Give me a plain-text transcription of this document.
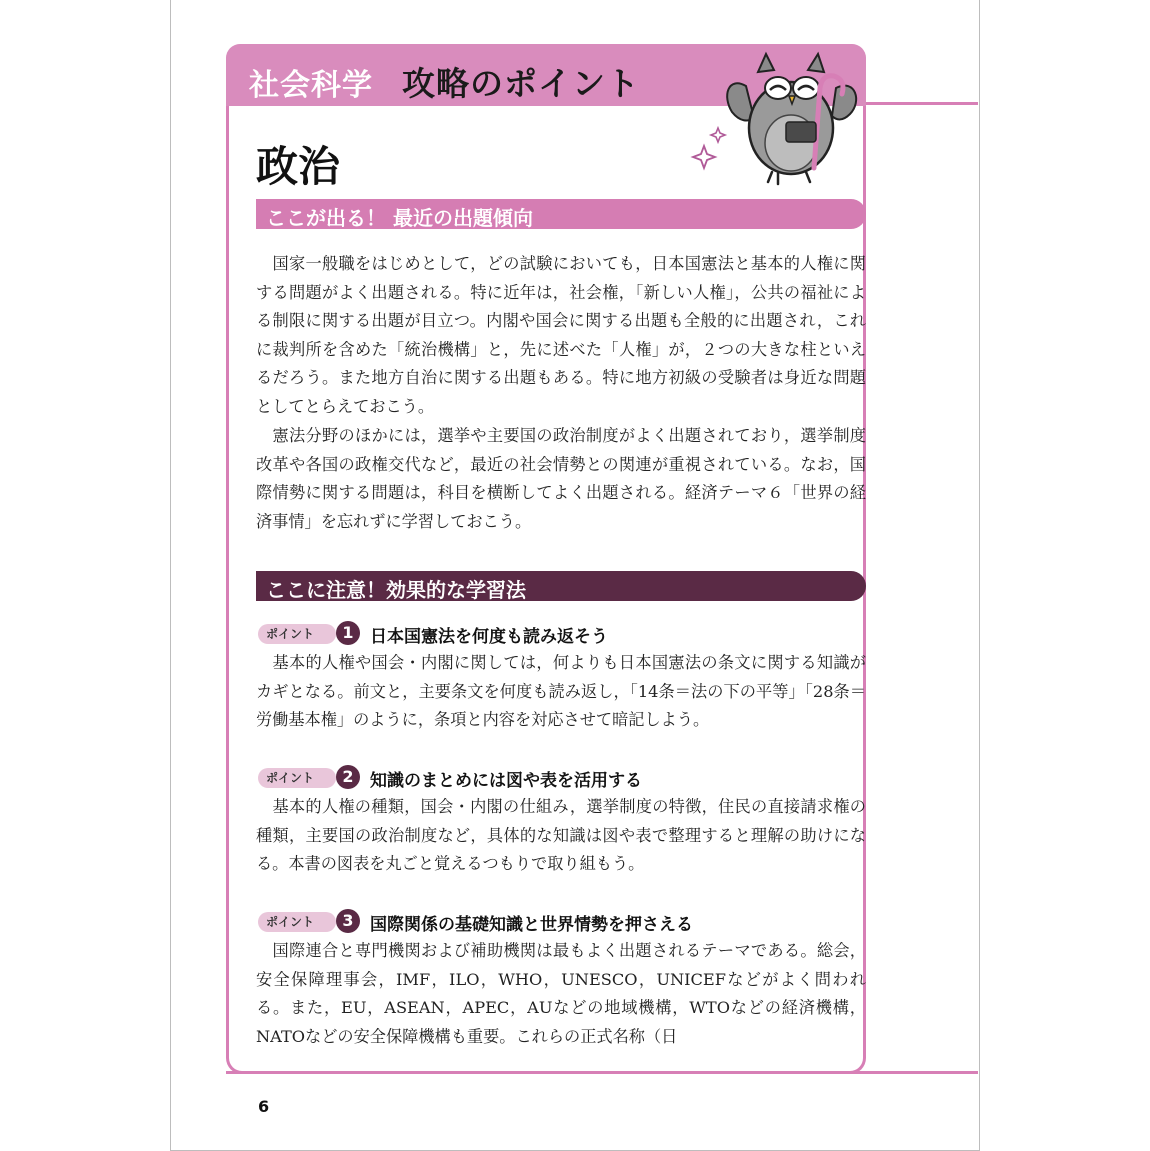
社会科学 攻略のポイント
政治
ここが出る！ 最近の出題傾向

　国家一般職をはじめとして，どの試験においても，日本国憲法と基本的人権に関する問題がよく出題される。特に近年は，社会権，「新しい人権」，公共の福祉による制限に関する出題が目立つ。内閣や国会に関する出題も全般的に出題され，これに裁判所を含めた「統治機構」と，先に述べた「人権」が，２つの大きな柱といえるだろう。また地方自治に関する出題もある。特に地方初級の受験者は身近な問題としてとらえておこう。

　憲法分野のほかには，選挙や主要国の政治制度がよく出題されており，選挙制度改革や各国の政権交代など，最近の社会情勢との関連が重視されている。なお，国際情勢に関する問題は，科目を横断してよく出題される。経済テーマ６「世界の経済事情」を忘れずに学習しておこう。

ここに注意！効果的な学習法
ポイント	1 日本国憲法を何度も読み返そう

　基本的人権や国会・内閣に関しては，何よりも日本国憲法の条文に関する知識がカギとなる。前文と，主要条文を何度も読み返し，「14条＝法の下の平等」「28条＝労働基本権」のように，条項と内容を対応させて暗記しよう。

ポイント	2 知識のまとめには図や表を活用する

　基本的人権の種類，国会・内閣の仕組み，選挙制度の特徴，住民の直接請求権の種類，主要国の政治制度など，具体的な知識は図や表で整理すると理解の助けになる。本書の図表を丸ごと覚えるつもりで取り組もう。

ポイント	3 国際関係の基礎知識と世界情勢を押さえる

　国際連合と専門機関および補助機関は最もよく出題されるテーマである。総会，安全保障理事会，IMF，ILO，WHO，UNESCO，UNICEFなどがよく問われる。また，EU，ASEAN，APEC，AUなどの地域機構，WTOなどの経済機構，NATOなどの安全保障機構も重要。これらの正式名称（日

6
